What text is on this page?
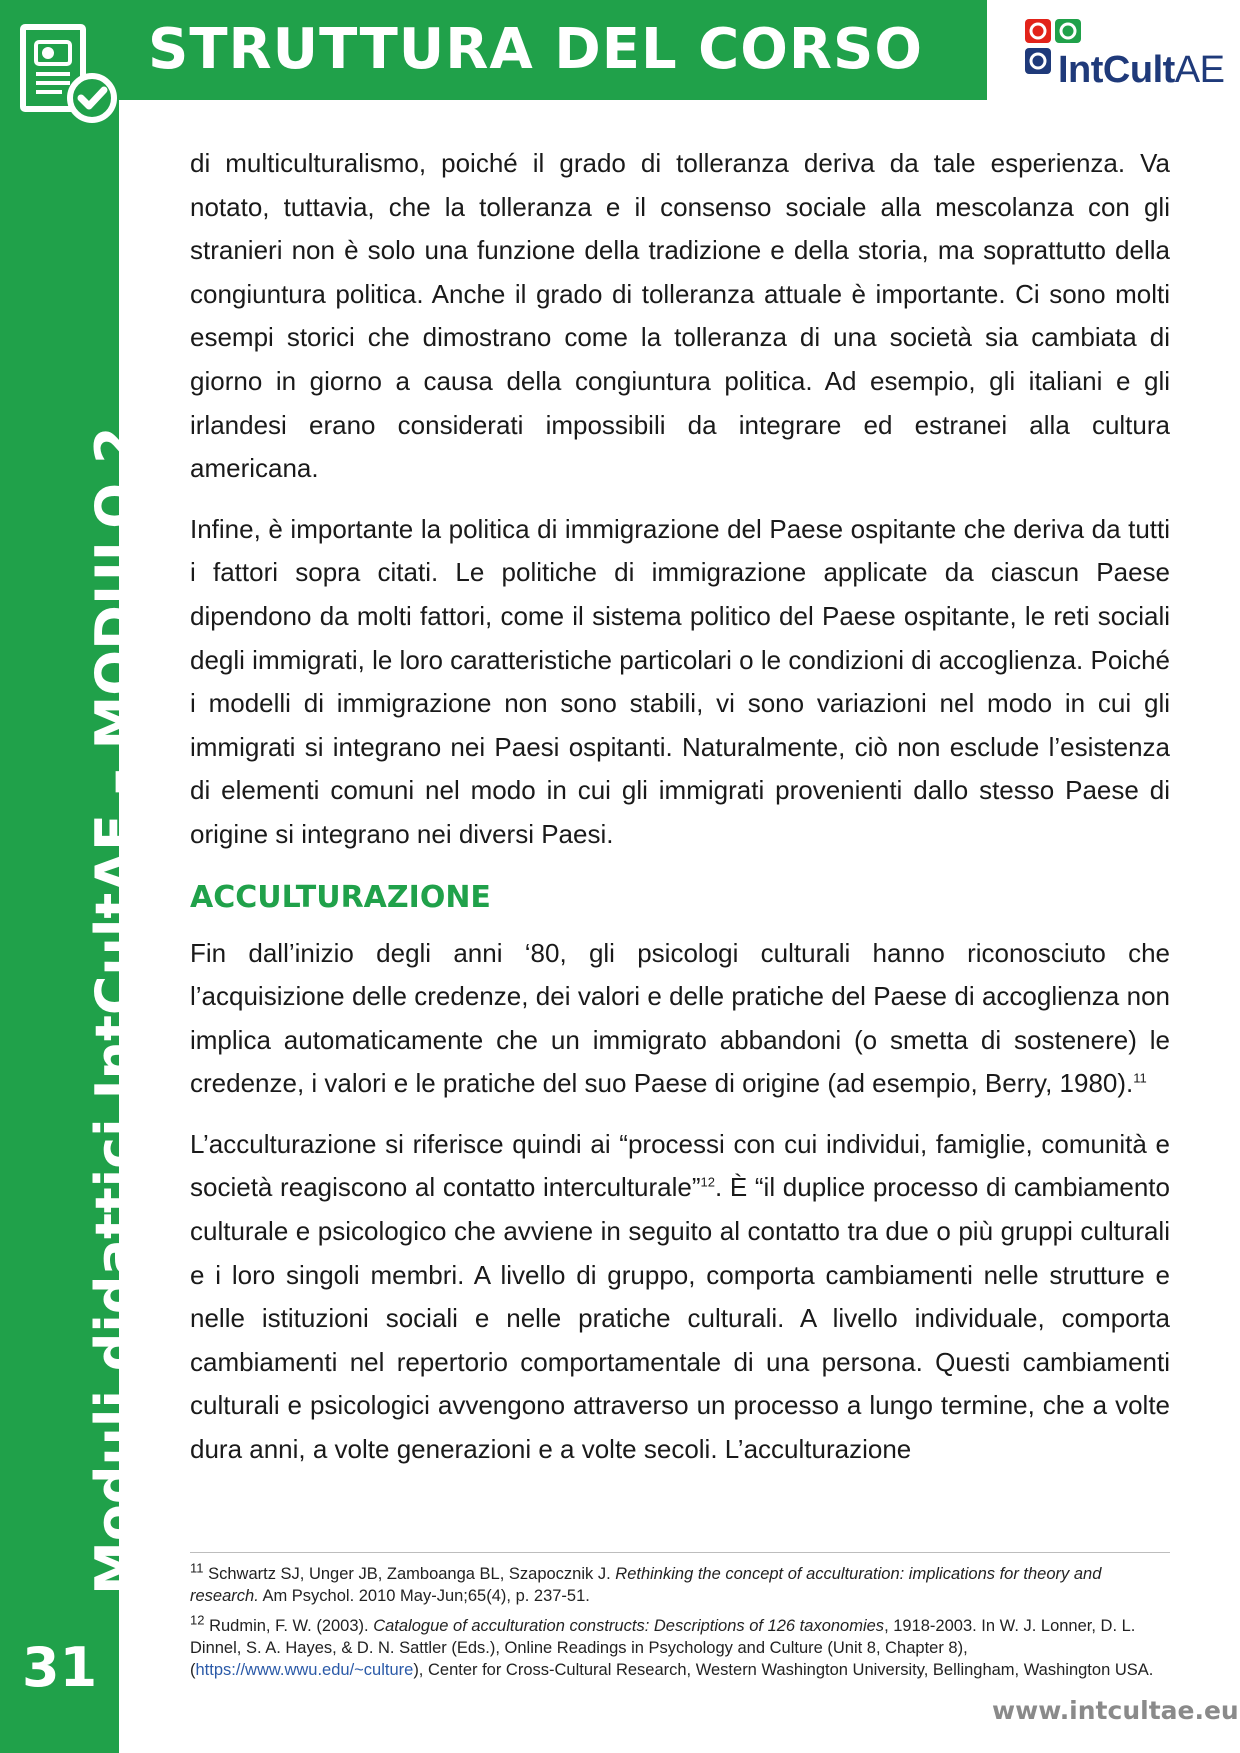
Moduli didattici IntCultAE – MODULO 2
31
STRUTTURA DEL CORSO	IntCultAE

di multiculturalismo, poiché il grado di tolleranza deriva da tale esperienza. Va notato, tuttavia, che la tolleranza e il consenso sociale alla mescolanza con gli stranieri non è solo una funzione della tradizione e della storia, ma soprattutto della congiuntura politica. Anche il grado di tolleranza attuale è importante. Ci sono molti esempi storici che dimostrano come la tolleranza di una società sia cambiata di giorno in giorno a causa della congiuntura politica. Ad esempio, gli italiani e gli irlandesi erano considerati impossibili da integrare ed estranei alla cultura americana.

Infine, è importante la politica di immigrazione del Paese ospitante che deriva da tutti i fattori sopra citati. Le politiche di immigrazione applicate da ciascun Paese dipendono da molti fattori, come il sistema politico del Paese ospitante, le reti sociali degli immigrati, le loro caratteristiche particolari o le condizioni di accoglienza. Poiché i modelli di immigrazione non sono stabili, vi sono variazioni nel modo in cui gli immigrati si integrano nei Paesi ospitanti. Naturalmente, ciò non esclude l’esistenza di elementi comuni nel modo in cui gli immigrati provenienti dallo stesso Paese di origine si integrano nei diversi Paesi.

ACCULTURAZIONE

Fin dall’inizio degli anni ‘80, gli psicologi culturali hanno riconosciuto che l’acquisizione delle credenze, dei valori e delle pratiche del Paese di accoglienza non implica automaticamente che un immigrato abbandoni (o smetta di sostenere) le credenze, i valori e le pratiche del suo Paese di origine (ad esempio, Berry, 1980).$^{11}$

L’acculturazione si riferisce quindi ai “processi con cui individui, famiglie, comunità e società reagiscono al contatto interculturale”$^{12}$. È “il duplice processo di cambiamento culturale e psicologico che avviene in seguito al contatto tra due o più gruppi culturali e i loro singoli membri. A livello di gruppo, comporta cambiamenti nelle strutture e nelle istituzioni sociali e nelle pratiche culturali. A livello individuale, comporta cambiamenti nel repertorio comportamentale di una persona. Questi cambiamenti culturali e psicologici avvengono attraverso un processo a lungo termine, che a volte dura anni, a volte generazioni e a volte secoli. L’acculturazione

$^{11}$ Schwartz SJ, Unger JB, Zamboanga BL, Szapocznik J. Rethinking the concept of acculturation: implications for theory and research. Am Psychol. 2010 May-Jun;65(4), p. 237-51.

$^{12}$ Rudmin, F. W. (2003). Catalogue of acculturation constructs: Descriptions of 126 taxonomies, 1918-2003. In W. J. Lonner, D. L. Dinnel, S. A. Hayes, & D. N. Sattler (Eds.), Online Readings in Psychology and Culture (Unit 8, Chapter 8), (https://www.wwu.edu/~culture), Center for Cross-Cultural Research, Western Washington University, Bellingham, Washington USA.

www.intcultae.eu
